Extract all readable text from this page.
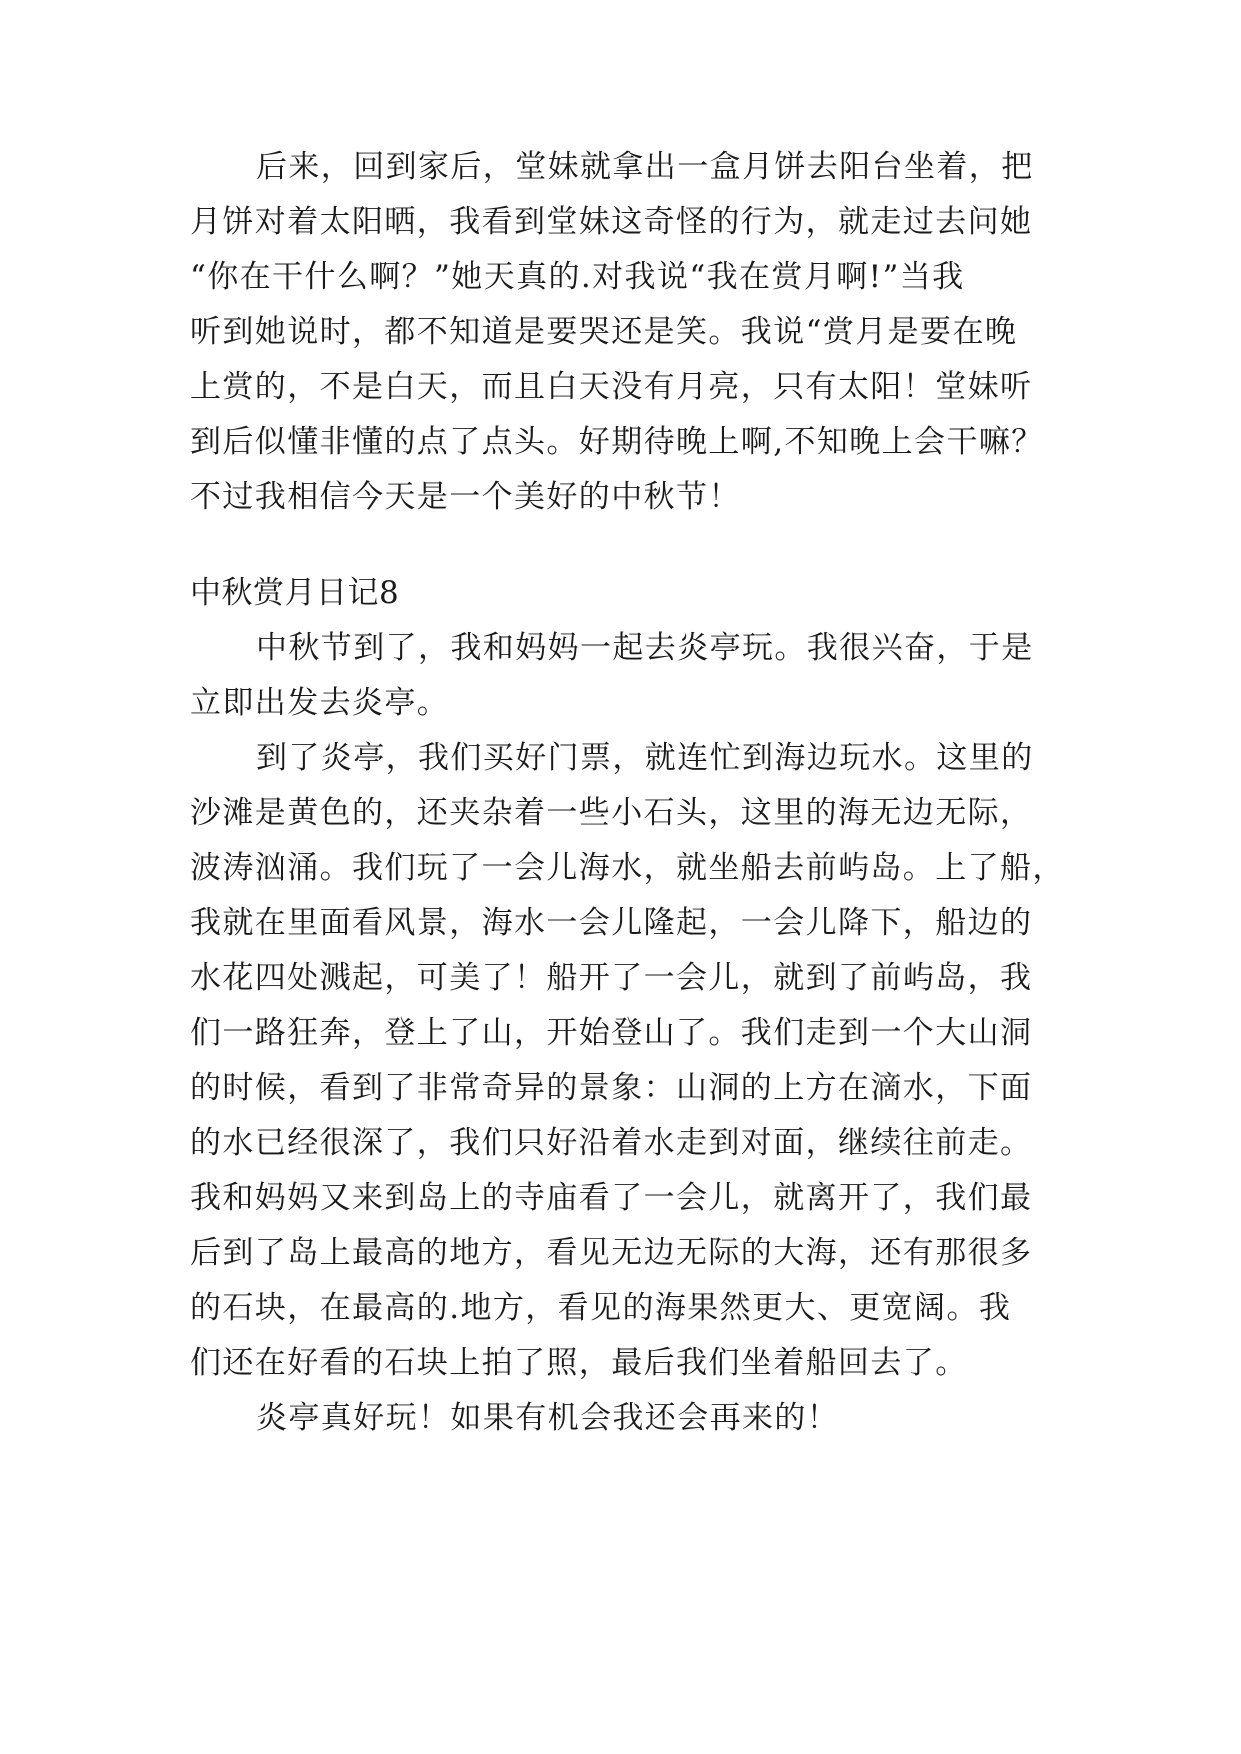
后来，回到家后，堂妹就拿出一盒月饼去阳台坐着，把
月饼对着太阳晒，我看到堂妹这奇怪的行为，就走过去问她
“你在干什么啊？”她天真的.对我说“我在赏月啊!”当我
听到她说时，都不知道是要哭还是笑。我说“赏月是要在晚
上赏的，不是白天，而且白天没有月亮，只有太阳！堂妹听
到后似懂非懂的点了点头。好期待晚上啊,不知晚上会干嘛？
不过我相信今天是一个美好的中秋节！
中秋赏月日记8
中秋节到了，我和妈妈一起去炎亭玩。我很兴奋，于是
立即出发去炎亭。
到了炎亭，我们买好门票，就连忙到海边玩水。这里的
沙滩是黄色的，还夹杂着一些小石头，这里的海无边无际，
波涛汹涌。我们玩了一会儿海水，就坐船去前屿岛。上了船，
我就在里面看风景，海水一会儿隆起，一会儿降下，船边的
水花四处溅起，可美了！船开了一会儿，就到了前屿岛，我
们一路狂奔，登上了山，开始登山了。我们走到一个大山洞
的时候，看到了非常奇异的景象：山洞的上方在滴水，下面
的水已经很深了，我们只好沿着水走到对面，继续往前走。
我和妈妈又来到岛上的寺庙看了一会儿，就离开了，我们最
后到了岛上最高的地方，看见无边无际的大海，还有那很多
的石块，在最高的.地方，看见的海果然更大、更宽阔。我
们还在好看的石块上拍了照，最后我们坐着船回去了。
炎亭真好玩！如果有机会我还会再来的！
